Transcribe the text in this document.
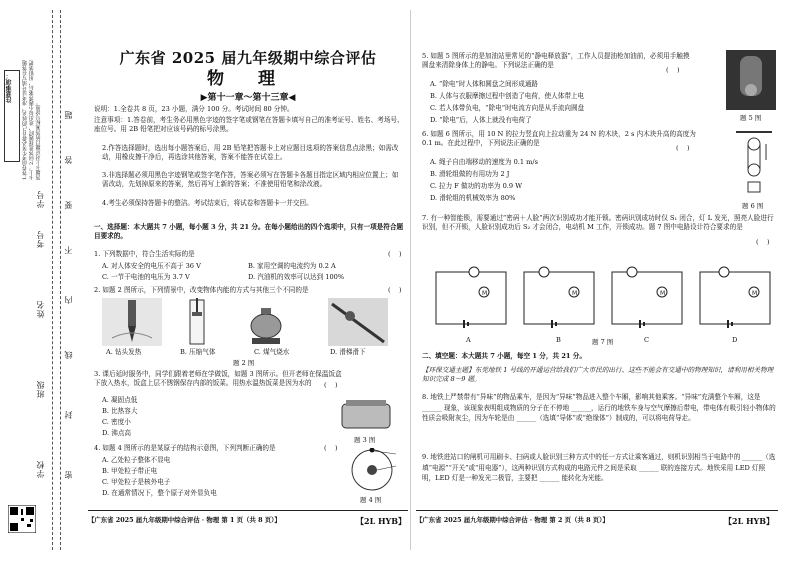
注意事项： 1.答卷前考生务必将自己的姓名、准考证号填写在答题卡上。2.回答选择题时，选出每小题答案后，用铅笔把答题卡上对应题目的答案标号涂黑。
学校
班级
姓名
考号
学号
密
封
线
内
不
要
答
题
广东省 2025 届九年级期中综合评估
物 理
▶第十一章～第十三章◀
说明：1.全卷共 8 页，23 小题，满分 100 分。考试时间 80 分钟。
注意事项：1.答卷前，考生务必用黑色字迹的签字笔或钢笔在答题卡填写自己的准考证号、姓名、考场号、座位号。用 2B 铅笔把对应该号码的标号涂黑。
2.作答选择题时，选出每小题答案后，用 2B 铅笔把答题卡上对应题目选项的答案信息点涂黑；如需改动，用橡皮擦干净后，再选涂其他答案，答案不能答在试卷上。
3.非选择题必须用黑色字迹钢笔或签字笔作答，答案必须写在答题卡各题目指定区域内相应位置上；如需改动，先划掉原来的答案，然后再写上新的答案；不准使用铅笔和涂改液。
4.考生必须保持答题卡的整洁。考试结束后，将试卷和答题卡一并交回。
一、选择题：本大题共 7 小题，每小题 3 分，共 21 分。在每小题给出的四个选项中，只有一项是符合题目要求的。
1. 下列数据中，符合生活实际的是	(    )
A. 对人体安全的电压不高于 36 V	B. 家用空调的电流约为 0.2 A
C. 一节干电池的电压为 3.7 V	D. 汽油机的效率可以达到 100%
2. 如题 2 图所示，下列情景中，改变物体内能的方式与其他三个不同的是	(    )
A. 钻头发热	B. 压缩气体	C. 煤气烧水	D. 滑梯滑下
题 2 图
3. 课后延时服务中，同学们跟着老师在学做饭，如题 3 图所示。但开老师在保温饭盒下放入热水，饭盒上层不锈钢保存内部的饭菜。用热水温热饭菜是因为水的	(    )
A. 凝固点低
B. 比热容大
C. 密度小
D. 沸点高
题 3 图
4. 如题 4 图所示的是某原子的结构示意图，下列判断正确的是	(    )
A. 乙处粒子整体不显电
B. 甲处粒子带正电
C. 甲处粒子是核外电子
D. 在通常情况下，整个原子对外显负电
题 4 图
【广东省 2025 届九年级期中综合评估 · 物理 第 1 页（共 8 页）】	【2L HYB】
5. 如题 5 图所示的是加油站里常见的“静电释放器”，工作人员提油枪加油前，必须用手触摸圆盘来清除身体上的静电。下列说法正确的是
(    )
A. “除电”时人体和圆盘之间形成通路
B. 人体与衣服摩擦过程中创造了电荷，使人体带上电
C. 若人体带负电，“除电”时电流方向是从手流向圆盘
D. “除电”后，人体上就没有电荷了	题 5 图
6. 如题 6 图所示，用 10 N 的拉力竖直向上拉动重为 24 N 的木块，2 s 内木块升高的高度为 0.1 m。在此过程中，下列说法正确的是
(    )
A. 绳子自由端移动的速度为 0.1 m/s
B. 滑轮组做的有用功为 2 J
C. 拉力 F 做功的功率为 0.9 W
D. 滑轮组的机械效率为 80%
题 6 图
7. 有一种智能锁，需要通过“密码＋人脸”两次识别成功才能开锁。密码识别成功时仅 S₁ 闭合，灯 L 发光，照亮人脸进行识别，但不开锁，人脸识别成功后 S₂ 才会闭合，电动机 M 工作，开锁成功。题 7 图中电路设计符合要求的是
(    )
M	M	M	M
A	B	C	D
题 7 图
二、填空题：本大题共 7 小题，每空 1 分，共 21 分。
【环保交通主题】东莞地铁 1 号线的开通运营给我们广大市民的出行、这些不能会有交通中的物理知识，请利用相关物理知识完成 8～9 题。
8. 地铁上严禁带有“异味”的物品乘车，是因为“异味”物品进入整个车厢，影响其他乘客。“异味”充满整个车厢，这是 ______ 现象，该现象表明组成物质的分子在不停地 ______，运行的地铁车身与空气摩擦后带电，带电体有吸引轻小物体的性质会吸附灰尘，因为车轮是由 ______（选填“导体”或“绝缘体”）制成的，可以将电荷导走。
9. 地铁进站口的闸机可用刷卡、扫码或人脸识别三种方式中的任一方式让乘客通过，则机识别相当于电路中的 ______（选填“电源”“开关”或“用电器”），这两种识别方式构成的电路元件之间是采取 ______ 联的连接方式。地铁采用 LED 灯照明，LED 灯是一种发光二极管，主要把 ______ 能转化为光能。
【广东省 2025 届九年级期中综合评估 · 物理 第 2 页（共 8 页）】	【2L HYB】
